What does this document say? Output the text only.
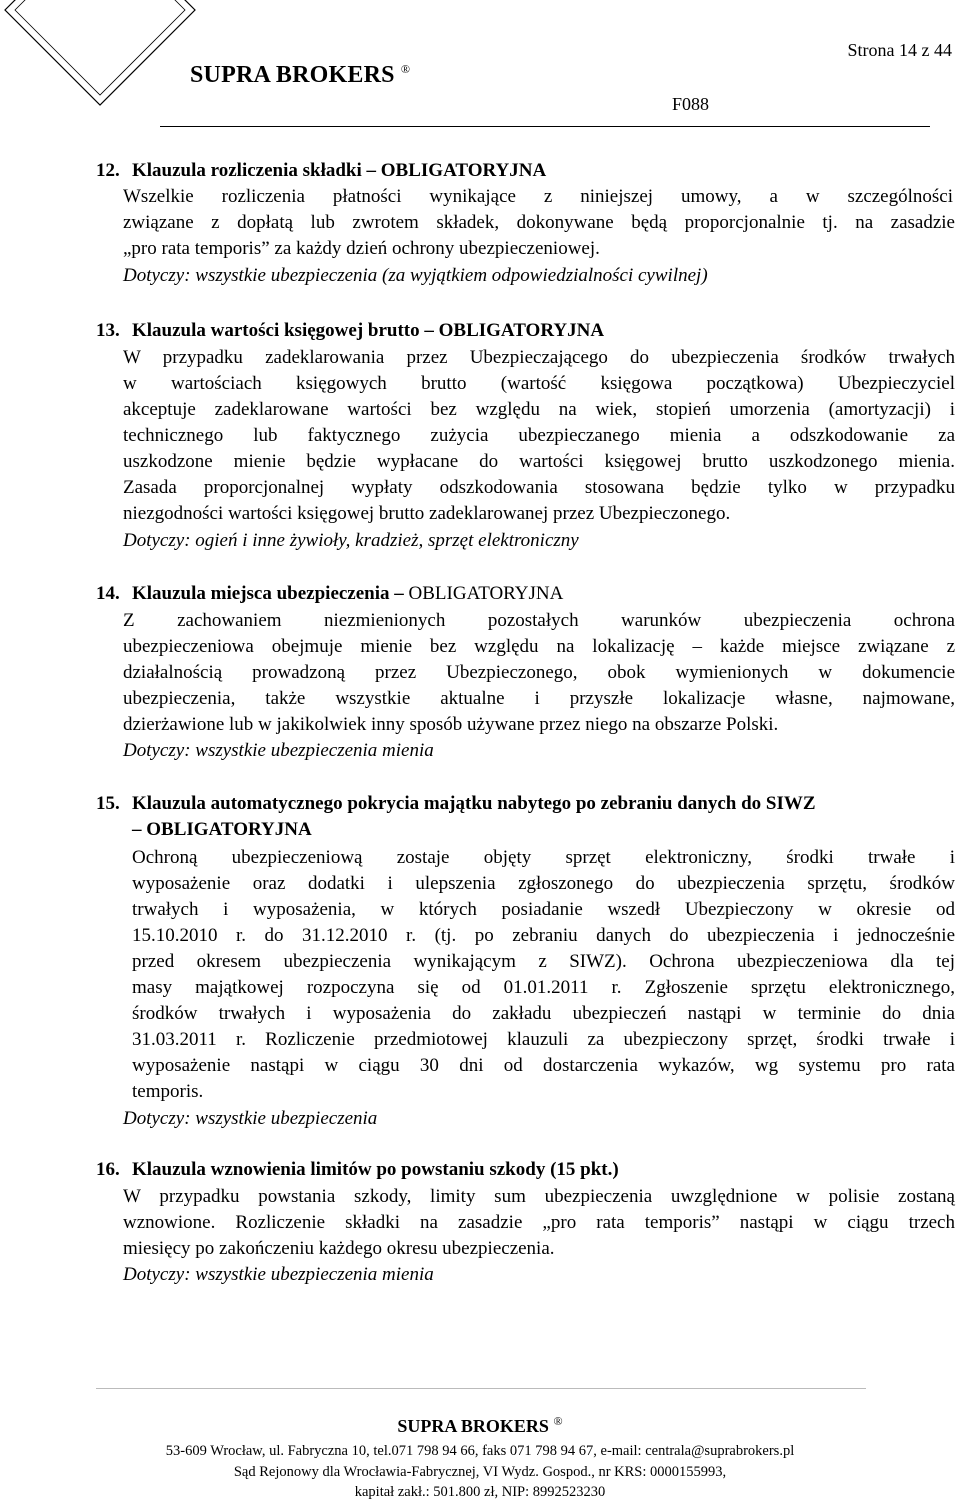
Strona 14 z 44
SUPRA BROKERS ®
F088
12. Klauzula rozliczenia składki – OBLIGATORYJNA
Wszelkie rozliczenia płatności wynikające z niniejszej umowy, a w szczególności
związane z dopłatą lub zwrotem składek, dokonywane będą proporcjonalnie tj. na zasadzie
„pro rata temporis” za każdy dzień ochrony ubezpieczeniowej.
Dotyczy: wszystkie ubezpieczenia (za wyjątkiem odpowiedzialności cywilnej)
13. Klauzula wartości księgowej brutto – OBLIGATORYJNA
W przypadku zadeklarowania przez Ubezpieczającego do ubezpieczenia środków trwałych
w wartościach księgowych brutto (wartość księgowa początkowa) Ubezpieczyciel
akceptuje zadeklarowane wartości bez względu na wiek, stopień umorzenia (amortyzacji) i
technicznego lub faktycznego zużycia ubezpieczanego mienia a odszkodowanie za
uszkodzone mienie będzie wypłacane do wartości księgowej brutto uszkodzonego mienia.
Zasada proporcjonalnej wypłaty odszkodowania stosowana będzie tylko w przypadku
niezgodności wartości księgowej brutto zadeklarowanej przez Ubezpieczonego.
Dotyczy: ogień i inne żywioły, kradzież, sprzęt elektroniczny
14. Klauzula miejsca ubezpieczenia – OBLIGATORYJNA
Z zachowaniem niezmienionych pozostałych warunków ubezpieczenia ochrona
ubezpieczeniowa obejmuje mienie bez względu na lokalizację – każde miejsce związane z
działalnością prowadzoną przez Ubezpieczonego, obok wymienionych w dokumencie
ubezpieczenia, także wszystkie aktualne i przyszłe lokalizacje własne, najmowane,
dzierżawione lub w jakikolwiek inny sposób używane przez niego na obszarze Polski.
Dotyczy: wszystkie ubezpieczenia mienia
15. Klauzula automatycznego pokrycia majątku nabytego po zebraniu danych do SIWZ
– OBLIGATORYJNA
Ochroną ubezpieczeniową zostaje objęty sprzęt elektroniczny, środki trwałe i
wyposażenie oraz dodatki i ulepszenia zgłoszonego do ubezpieczenia sprzętu, środków
trwałych i wyposażenia, w których posiadanie wszedł Ubezpieczony w okresie od
15.10.2010 r. do 31.12.2010 r. (tj. po zebraniu danych do ubezpieczenia i jednocześnie
przed okresem ubezpieczenia wynikającym z SIWZ). Ochrona ubezpieczeniowa dla tej
masy majątkowej rozpoczyna się od 01.01.2011 r. Zgłoszenie sprzętu elektronicznego,
środków trwałych i wyposażenia do zakładu ubezpieczeń nastąpi w terminie do dnia
31.03.2011 r. Rozliczenie przedmiotowej klauzuli za ubezpieczony sprzęt, środki trwałe i
wyposażenie nastąpi w ciągu 30 dni od dostarczenia wykazów, wg systemu pro rata
temporis.
Dotyczy: wszystkie ubezpieczenia
16. Klauzula wznowienia limitów po powstaniu szkody (15 pkt.)
W przypadku powstania szkody, limity sum ubezpieczenia uwzględnione w polisie zostaną
wznowione. Rozliczenie składki na zasadzie „pro rata temporis” nastąpi w ciągu trzech
miesięcy po zakończeniu każdego okresu ubezpieczenia.
Dotyczy: wszystkie ubezpieczenia mienia
SUPRA BROKERS ®
53-609 Wrocław, ul. Fabryczna 10, tel.071 798 94 66, faks 071 798 94 67, e-mail: centrala@suprabrokers.pl
Sąd Rejonowy dla Wrocławia-Fabrycznej, VI Wydz. Gospod., nr KRS: 0000155993,
kapitał zakł.: 501.800 zł, NIP: 8992523230
